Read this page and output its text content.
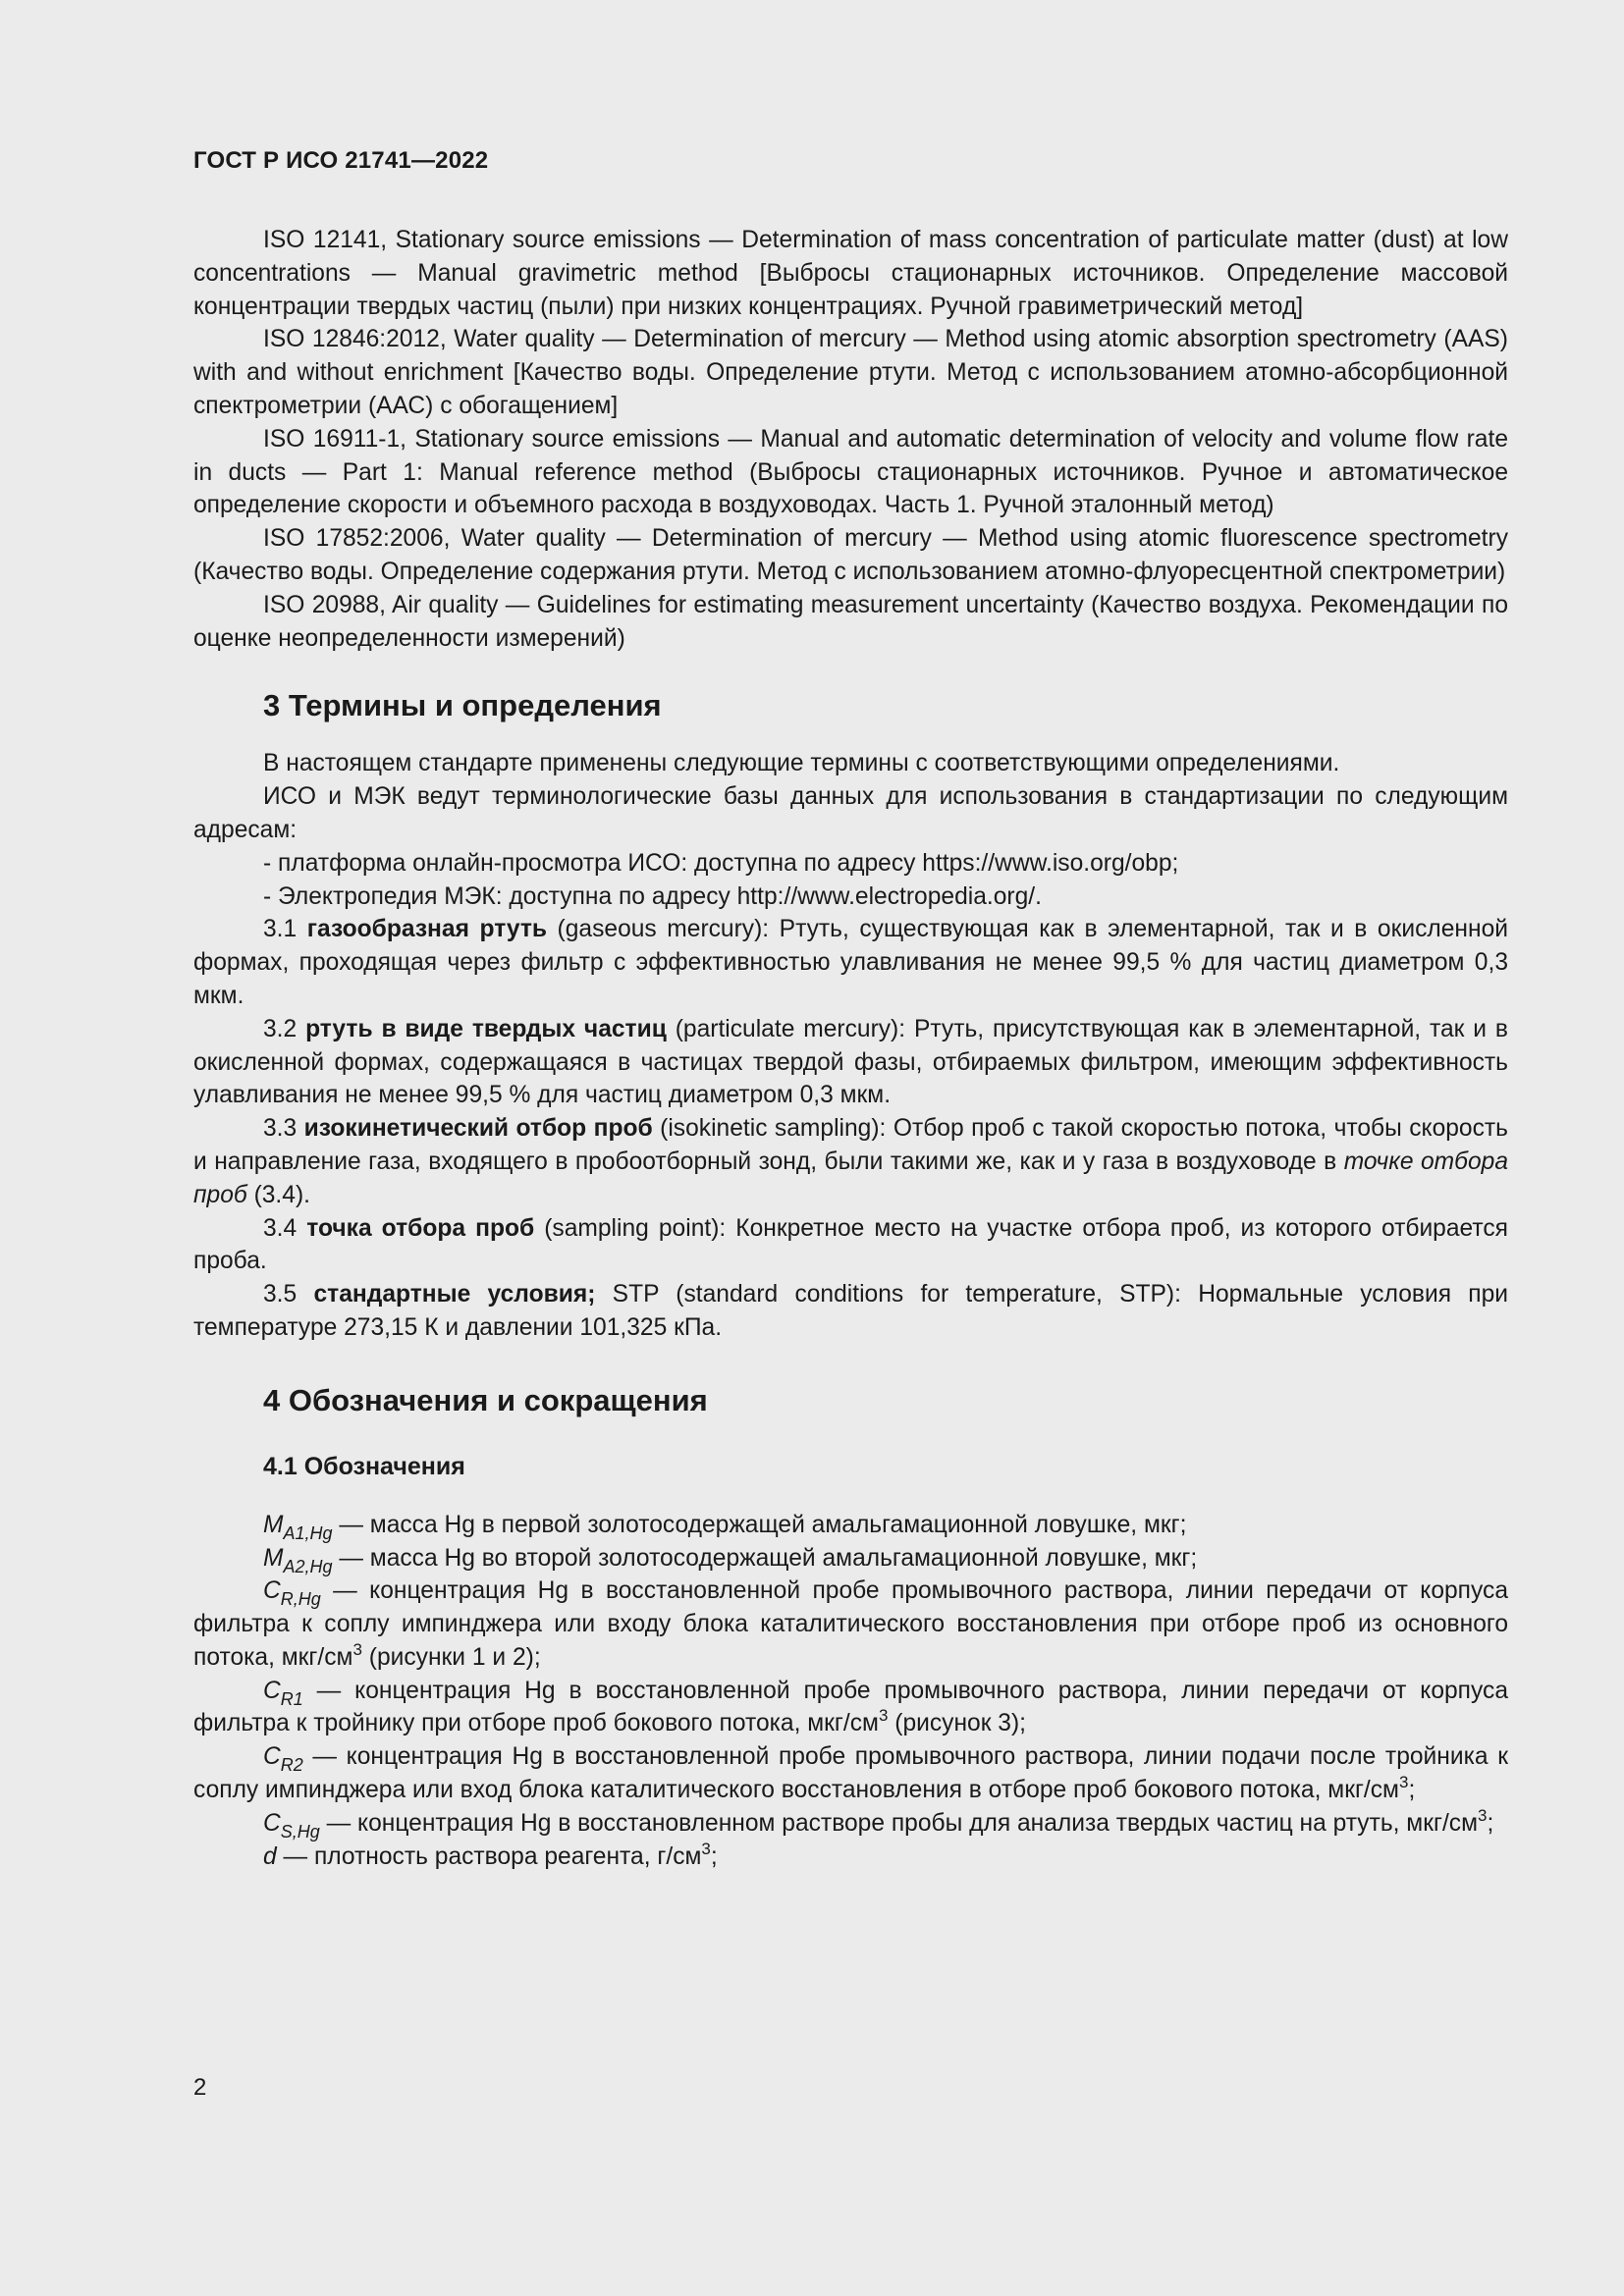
ГОСТ Р ИСО 21741—2022

ISO 12141, Stationary source emissions — Determination of mass concentration of particulate matter (dust) at low concentrations — Manual gravimetric method [Выбросы стационарных источников. Определение массовой концентрации твердых частиц (пыли) при низких концентрациях. Ручной гравиметрический метод]

ISO 12846:2012, Water quality — Determination of mercury — Method using atomic absorption spectrometry (AAS) with and without enrichment [Качество воды. Определение ртути. Метод с использованием атомно-абсорбционной спектрометрии (ААС) с обогащением]

ISO 16911-1, Stationary source emissions — Manual and automatic determination of velocity and volume flow rate in ducts — Part 1: Manual reference method (Выбросы стационарных источников. Ручное и автоматическое определение скорости и объемного расхода в воздуховодах. Часть 1. Ручной эталонный метод)

ISO 17852:2006, Water quality — Determination of mercury — Method using atomic fluorescence spectrometry (Качество воды. Определение содержания ртути. Метод с использованием атомно-флуоресцентной спектрометрии)

ISO 20988, Air quality — Guidelines for estimating measurement uncertainty (Качество воздуха. Рекомендации по оценке неопределенности измерений)

3 Термины и определения

В настоящем стандарте применены следующие термины с соответствующими определениями.

ИСО и МЭК ведут терминологические базы данных для использования в стандартизации по следующим адресам:

- платформа онлайн-просмотра ИСО: доступна по адресу https://www.iso.org/obp;

- Электропедия МЭК: доступна по адресу http://www.electropedia.org/.

3.1 газообразная ртуть (gaseous mercury): Ртуть, существующая как в элементарной, так и в окисленной формах, проходящая через фильтр с эффективностью улавливания не менее 99,5 % для частиц диаметром 0,3 мкм.

3.2 ртуть в виде твердых частиц (particulate mercury): Ртуть, присутствующая как в элементарной, так и в окисленной формах, содержащаяся в частицах твердой фазы, отбираемых фильтром, имеющим эффективность улавливания не менее 99,5 % для частиц диаметром 0,3 мкм.

3.3 изокинетический отбор проб (isokinetic sampling): Отбор проб с такой скоростью потока, чтобы скорость и направление газа, входящего в пробоотборный зонд, были такими же, как и у газа в воздуховоде в точке отбора проб (3.4).

3.4 точка отбора проб (sampling point): Конкретное место на участке отбора проб, из которого отбирается проба.

3.5 стандартные условия; STP (standard conditions for temperature, STP): Нормальные условия при температуре 273,15 К и давлении 101,325 кПа.

4 Обозначения и сокращения
4.1 Обозначения

$M_{A1,Hg}$ — масса Hg в первой золотосодержащей амальгамационной ловушке, мкг;

$M_{A2,Hg}$ — масса Hg во второй золотосодержащей амальгамационной ловушке, мкг;

$C_{R,Hg}$ — концентрация Hg в восстановленной пробе промывочного раствора, линии передачи от корпуса фильтра к соплу импинджера или входу блока каталитического восстановления при отборе проб из основного потока, мкг/$см^3$ (рисунки 1 и 2);

$C_{R1}$ — концентрация Hg в восстановленной пробе промывочного раствора, линии передачи от корпуса фильтра к тройнику при отборе проб бокового потока, мкг/$см^3$ (рисунок 3);

$C_{R2}$ — концентрация Hg в восстановленной пробе промывочного раствора, линии подачи после тройника к соплу импинджера или вход блока каталитического восстановления в отборе проб бокового потока, мкг/$см^3$;

$C_{S,Hg}$ — концентрация Hg в восстановленном растворе пробы для анализа твердых частиц на ртуть, мкг/$см^3$;

d — плотность раствора реагента, $г/см^3$;

2
